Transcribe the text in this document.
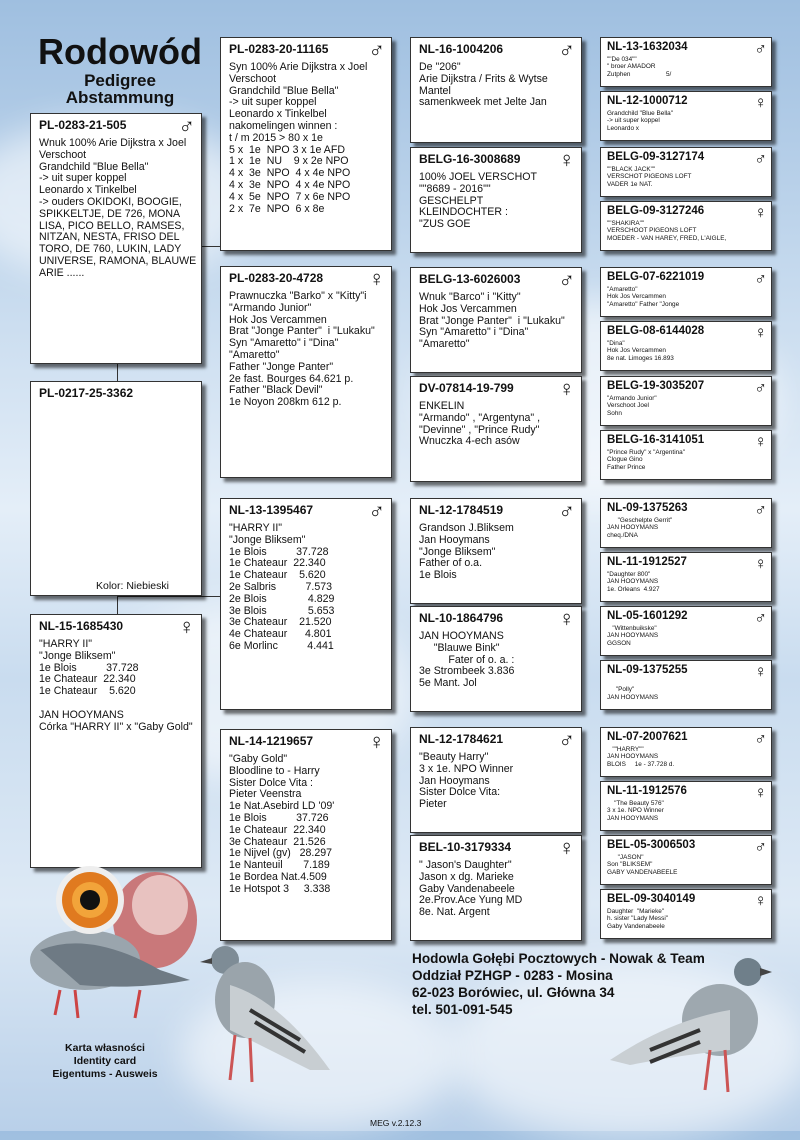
Rodowód
Pedigree
Abstammung
PL-0283-21-505 ♂
Wnuk 100% Arie Dijkstra x Joel
Verschoot
Grandchild "Blue Bella"
-> uit super koppel
Leonardo x Tinkelbel
-> ouders OKIDOKI, BOOGIE,
SPIKKELTJE, DE 726, MONA
LISA, PICO BELLO, RAMSES,
NITZAN, NESTA, FRISO DEL
TORO, DE 760, LUKIN, LADY
UNIVERSE, RAMONA, BLAUWE
ARIE ......
PL-0217-25-3362
PL-0283-20-11165 ♂
Syn 100% Arie Dijkstra x Joel
Verschoot
Grandchild "Blue Bella"
-> uit super koppel
Leonardo x Tinkelbel
nakomelingen winnen :
t / m 2015 > 80 x 1e
5 x  1e  NPO 3 x 1e AFD
1 x  1e  NU    9 x 2e NPO
4 x  3e  NPO  4 x 4e NPO
4 x  3e  NPO  4 x 4e NPO
4 x  5e  NPO  7 x 6e NPO
2 x  7e  NPO  6 x 8e
PL-0283-20-4728 ♀
Prawnuczka "Barko" x "Kitty"i
"Armando Junior"
Hok Jos Vercammen
Brat "Jonge Panter"  i "Lukaku"
Syn "Amaretto" i "Dina"
"Amaretto"
Father "Jonge Panter"
2e fast. Bourges 64.621 p.
Father "Black Devil"
1e Noyon 208km 612 p.
NL-13-1395467	♂
"HARRY II"
"Jonge Bliksem"
1e Blois          37.728
1e Chateaur  22.340
1e Chateaur    5.620
2e Salbris          7.573
2e Blois              4.829
3e Blois              5.653
3e Chateaur    21.520
4e Chateaur      4.801
6e Morlinc          4.441
NL-15-1685430	♀
"HARRY II"
"Jonge Bliksem"
1e Blois          37.728
1e Chateaur  22.340
1e Chateaur    5.620

JAN HOOYMANS
Córka "HARRY II" x "Gaby Gold"
NL-14-1219657	♀
"Gaby Gold"
Bloodline to - Harry
Sister Dolce Vita :
Pieter Veenstra
1e Nat.Asebird LD '09'
1e Blois          37.726
1e Chateaur  22.340
3e Chateaur  21.526
1e Nijvel (gv)   28.297
1e Nanteuil       7.189
1e Bordea Nat.4.509
1e Hotspot 3     3.338
NL-16-1004206	♂
De "206"
Arie Dijkstra / Frits & Wytse
Mantel
samenkweek met Jelte Jan
BELG-16-3008689 ♀
100% JOEL VERSCHOT
""8689 - 2016""
GESCHELPT
KLEINDOCHTER :
"ZUS GOE
BELG-13-6026003 ♂
Wnuk "Barco" i "Kitty"
Hok Jos Vercammen
Brat "Jonge Panter"  i "Lukaku"
Syn "Amaretto" i "Dina"
"Amaretto"
DV-07814-19-799 ♀
ENKELIN
"Armando" , "Argentyna" ,
"Devinne" , "Prince Rudy"
Wnuczka 4-ech asów
NL-12-1784519	♂
Grandson J.Bliksem
Jan Hooymans
"Jonge Bliksem"
Father of o.a.
1e Blois
NL-10-1864796	♀
JAN HOOYMANS
"Blauwe Bink"
Fater of o. a. :
3e Strombeek 3.836
5e Mant. Jol
NL-12-1784621	♂
"Beauty Harry"
3 x 1e. NPO Winner
Jan Hooymans
Sister Dolce Vita:
Pieter
BEL-10-3179334 ♀
" Jason's Daughter"
Jason x dg. Marieke
Gaby Vandenabeele
2e.Prov.Ace Yung MD
8e. Nat. Argent
NL-13-1632034	♂
""De 034""
" broer AMADOR
Zutphen                    5/
NL-12-1000712	♀
Grandchild "Blue Bella"
-> uit super koppel
Leonardo x
BELG-09-3127174	♂
""BLACK JACK""
VERSCHOT PIGEONS LOFT
VADER 1e NAT.
BELG-09-3127246	♀
""SHAKIRA""
VERSCHOOT PIGEONS LOFT
MOEDER - VAN HAREY, FRED, L'AIGLE,
BELG-07-6221019	♂
"Amaretto"
Hok Jos Vercammen
"Amaretto" Father "Jonge
BELG-08-6144028	♀
"Dina"
Hok Jos Vercammen
8e nat. Limoges 16.893
BELG-19-3035207	♂
"Armando Junior"
Verschoot Joel
Sohn
BELG-16-3141051	♀
"Prince Rudy" x "Argentina"
Clogue Gino
Father Prince
NL-09-1375263	♂
"Geschelpte Gerrit"
JAN HOOYMANS
cheq./DNA
NL-11-1912527	♀
"Daughter 800"
JAN HOOYMANS
1e. Orleans  4.927
NL-05-1601292	♂
"Wittenbuikske"
JAN HOOYMANS
GGSON
NL-09-1375255	♀

"Polly"
JAN HOOYMANS
NL-07-2007621	♂
""HARRY""
JAN HOOYMANS
BLOIS     1e - 37.728 d.
NL-11-1912576	♀
"The Beauty 576"
3 x 1e. NPO Winner
JAN HOOYMANS
BEL-05-3006503	♂
"JASON"
Son "BLIKSEM"
GABY VANDENABEELE
BEL-09-3040149	♀
Daughter  "Marieke"
h. sister "Lady Messi"
Gaby Vandenabeele
Kolor: Niebieski
Hodowla Gołębi Pocztowych - Nowak & Team
Oddział PZHGP - 0283 - Mosina
62-023 Borówiec, ul. Główna 34
tel. 501-091-545
Karta własności
Identity card
Eigentums - Ausweis
MEG v.2.12.3
